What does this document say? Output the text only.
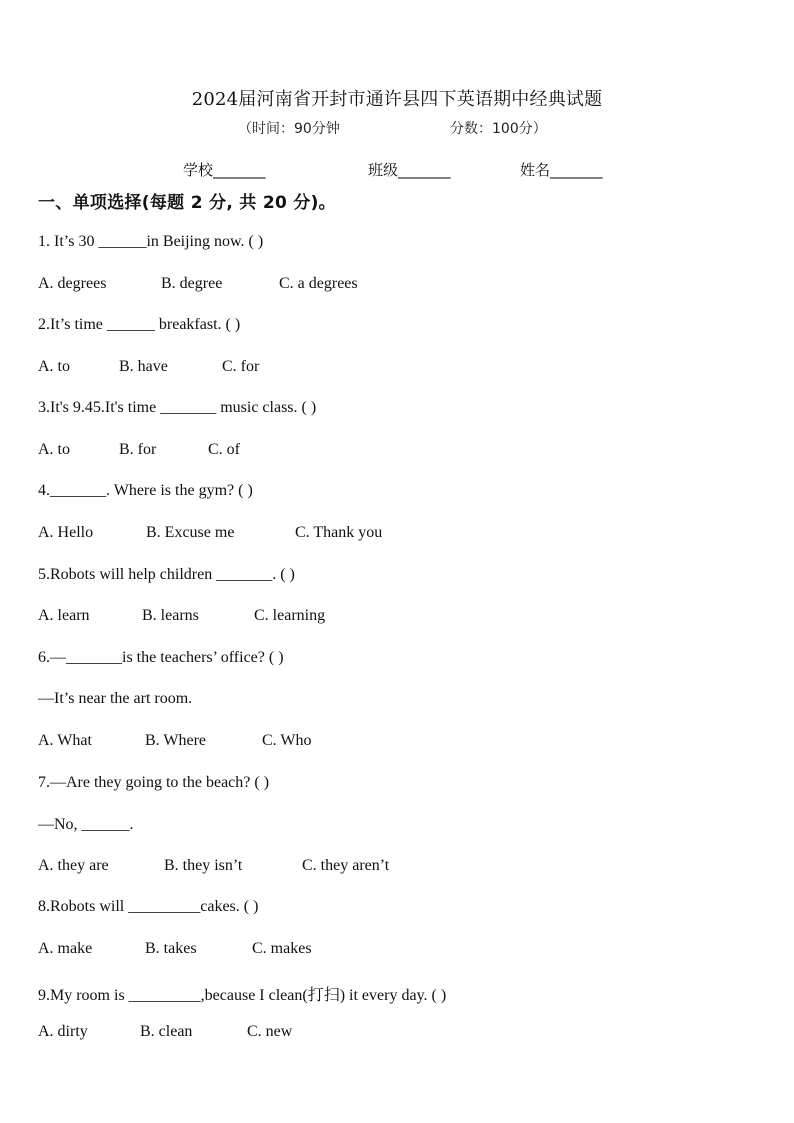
2024届河南省开封市通许县四下英语期中经典试题
（时间：90分钟	分数：100分）
学校_______	班级_______	姓名_______
一、单项选择(每题 2 分, 共 20 分)。
1. It’s 30 ______in Beijing now. ( )
A. degrees	B. degree	C. a degrees
2.It’s time ______ breakfast. ( )
A. to	B. have	C. for
3.It's 9.45.It's time _______ music class. ( )
A. to	B. for	C. of
4._______. Where is the gym? ( )
A. Hello	B. Excuse me	C. Thank you
5.Robots will help children _______. ( )
A. learn	B. learns	C. learning
6.—_______is the teachers’ office? ( )
—It’s near the art room.
A. What	B. Where	C. Who
7.—Are they going to the beach? ( )
—No, ______.
A. they are	B. they isn’t	C. they aren’t
8.Robots will _________cakes. ( )
A. make	B. takes	C. makes
9.My room is _________,because I clean(打扫) it every day. ( )
A. dirty	B. clean	C. new
